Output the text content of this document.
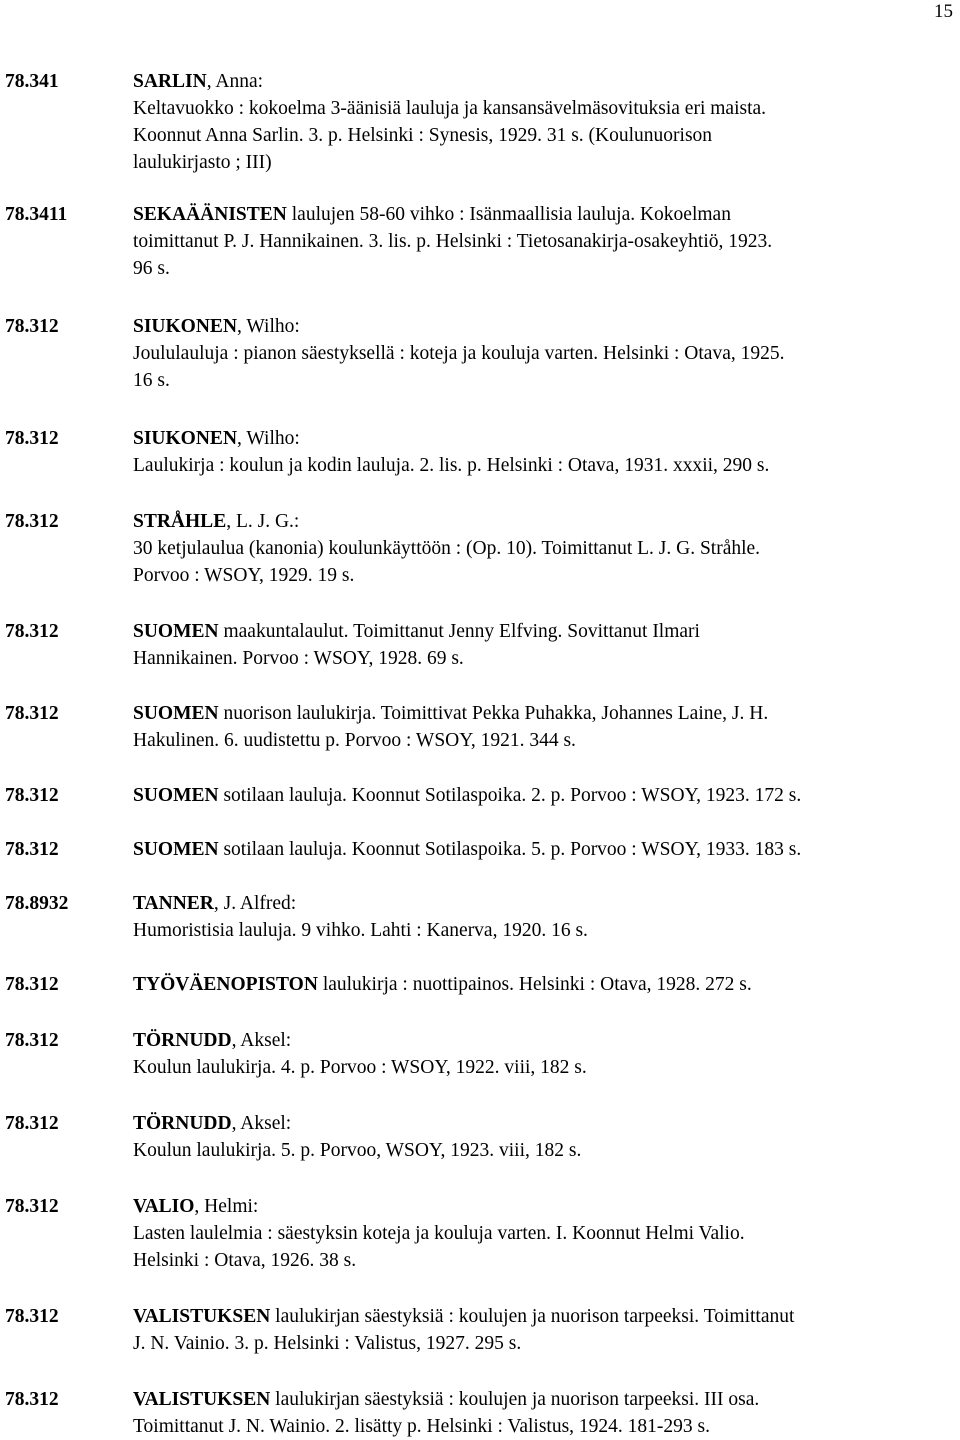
15
78.341	SARLIN, Anna:
Keltavuokko : kokoelma 3-äänisiä lauluja ja kansansävelmäsovituksia eri maista.
Koonnut Anna Sarlin. 3. p. Helsinki : Synesis, 1929. 31 s. (Koulunuorison
laulukirjasto ; III)
78.3411	SEKAÄÄNISTEN laulujen 58-60 vihko : Isänmaallisia lauluja. Kokoelman
toimittanut P. J. Hannikainen. 3. lis. p. Helsinki : Tietosanakirja-osakeyhtiö, 1923.
96 s.
78.312	SIUKONEN, Wilho:
Joululauluja : pianon säestyksellä : koteja ja kouluja varten. Helsinki : Otava, 1925.
16 s.
78.312	SIUKONEN, Wilho:
Laulukirja : koulun ja kodin lauluja. 2. lis. p. Helsinki : Otava, 1931. xxxii, 290 s.
78.312	STRÅHLE, L. J. G.:
30 ketjulaulua (kanonia) koulunkäyttöön : (Op. 10). Toimittanut L. J. G. Stråhle.
Porvoo : WSOY, 1929. 19 s.
78.312	SUOMEN maakuntalaulut. Toimittanut Jenny Elfving. Sovittanut Ilmari
Hannikainen. Porvoo : WSOY, 1928. 69 s.
78.312	SUOMEN nuorison laulukirja. Toimittivat Pekka Puhakka, Johannes Laine, J. H.
Hakulinen. 6. uudistettu p. Porvoo : WSOY, 1921. 344 s.
78.312	SUOMEN sotilaan lauluja. Koonnut Sotilaspoika. 2. p. Porvoo : WSOY, 1923. 172 s.
78.312	SUOMEN sotilaan lauluja. Koonnut Sotilaspoika. 5. p. Porvoo : WSOY, 1933. 183 s.
78.8932	TANNER, J. Alfred:
Humoristisia lauluja. 9 vihko. Lahti : Kanerva, 1920. 16 s.
78.312	TYÖVÄENOPISTON laulukirja : nuottipainos. Helsinki : Otava, 1928. 272 s.
78.312	TÖRNUDD, Aksel:
Koulun laulukirja. 4. p. Porvoo : WSOY, 1922. viii, 182 s.
78.312	TÖRNUDD, Aksel:
Koulun laulukirja. 5. p. Porvoo, WSOY, 1923. viii, 182 s.
78.312	VALIO, Helmi:
Lasten laulelmia : säestyksin koteja ja kouluja varten. I. Koonnut Helmi Valio.
Helsinki : Otava, 1926. 38 s.
78.312	VALISTUKSEN laulukirjan säestyksiä : koulujen ja nuorison tarpeeksi. Toimittanut
J. N. Vainio. 3. p. Helsinki : Valistus, 1927. 295 s.
78.312	VALISTUKSEN laulukirjan säestyksiä : koulujen ja nuorison tarpeeksi. III osa.
Toimittanut J. N. Wainio. 2. lisätty p. Helsinki : Valistus, 1924. 181-293 s.
